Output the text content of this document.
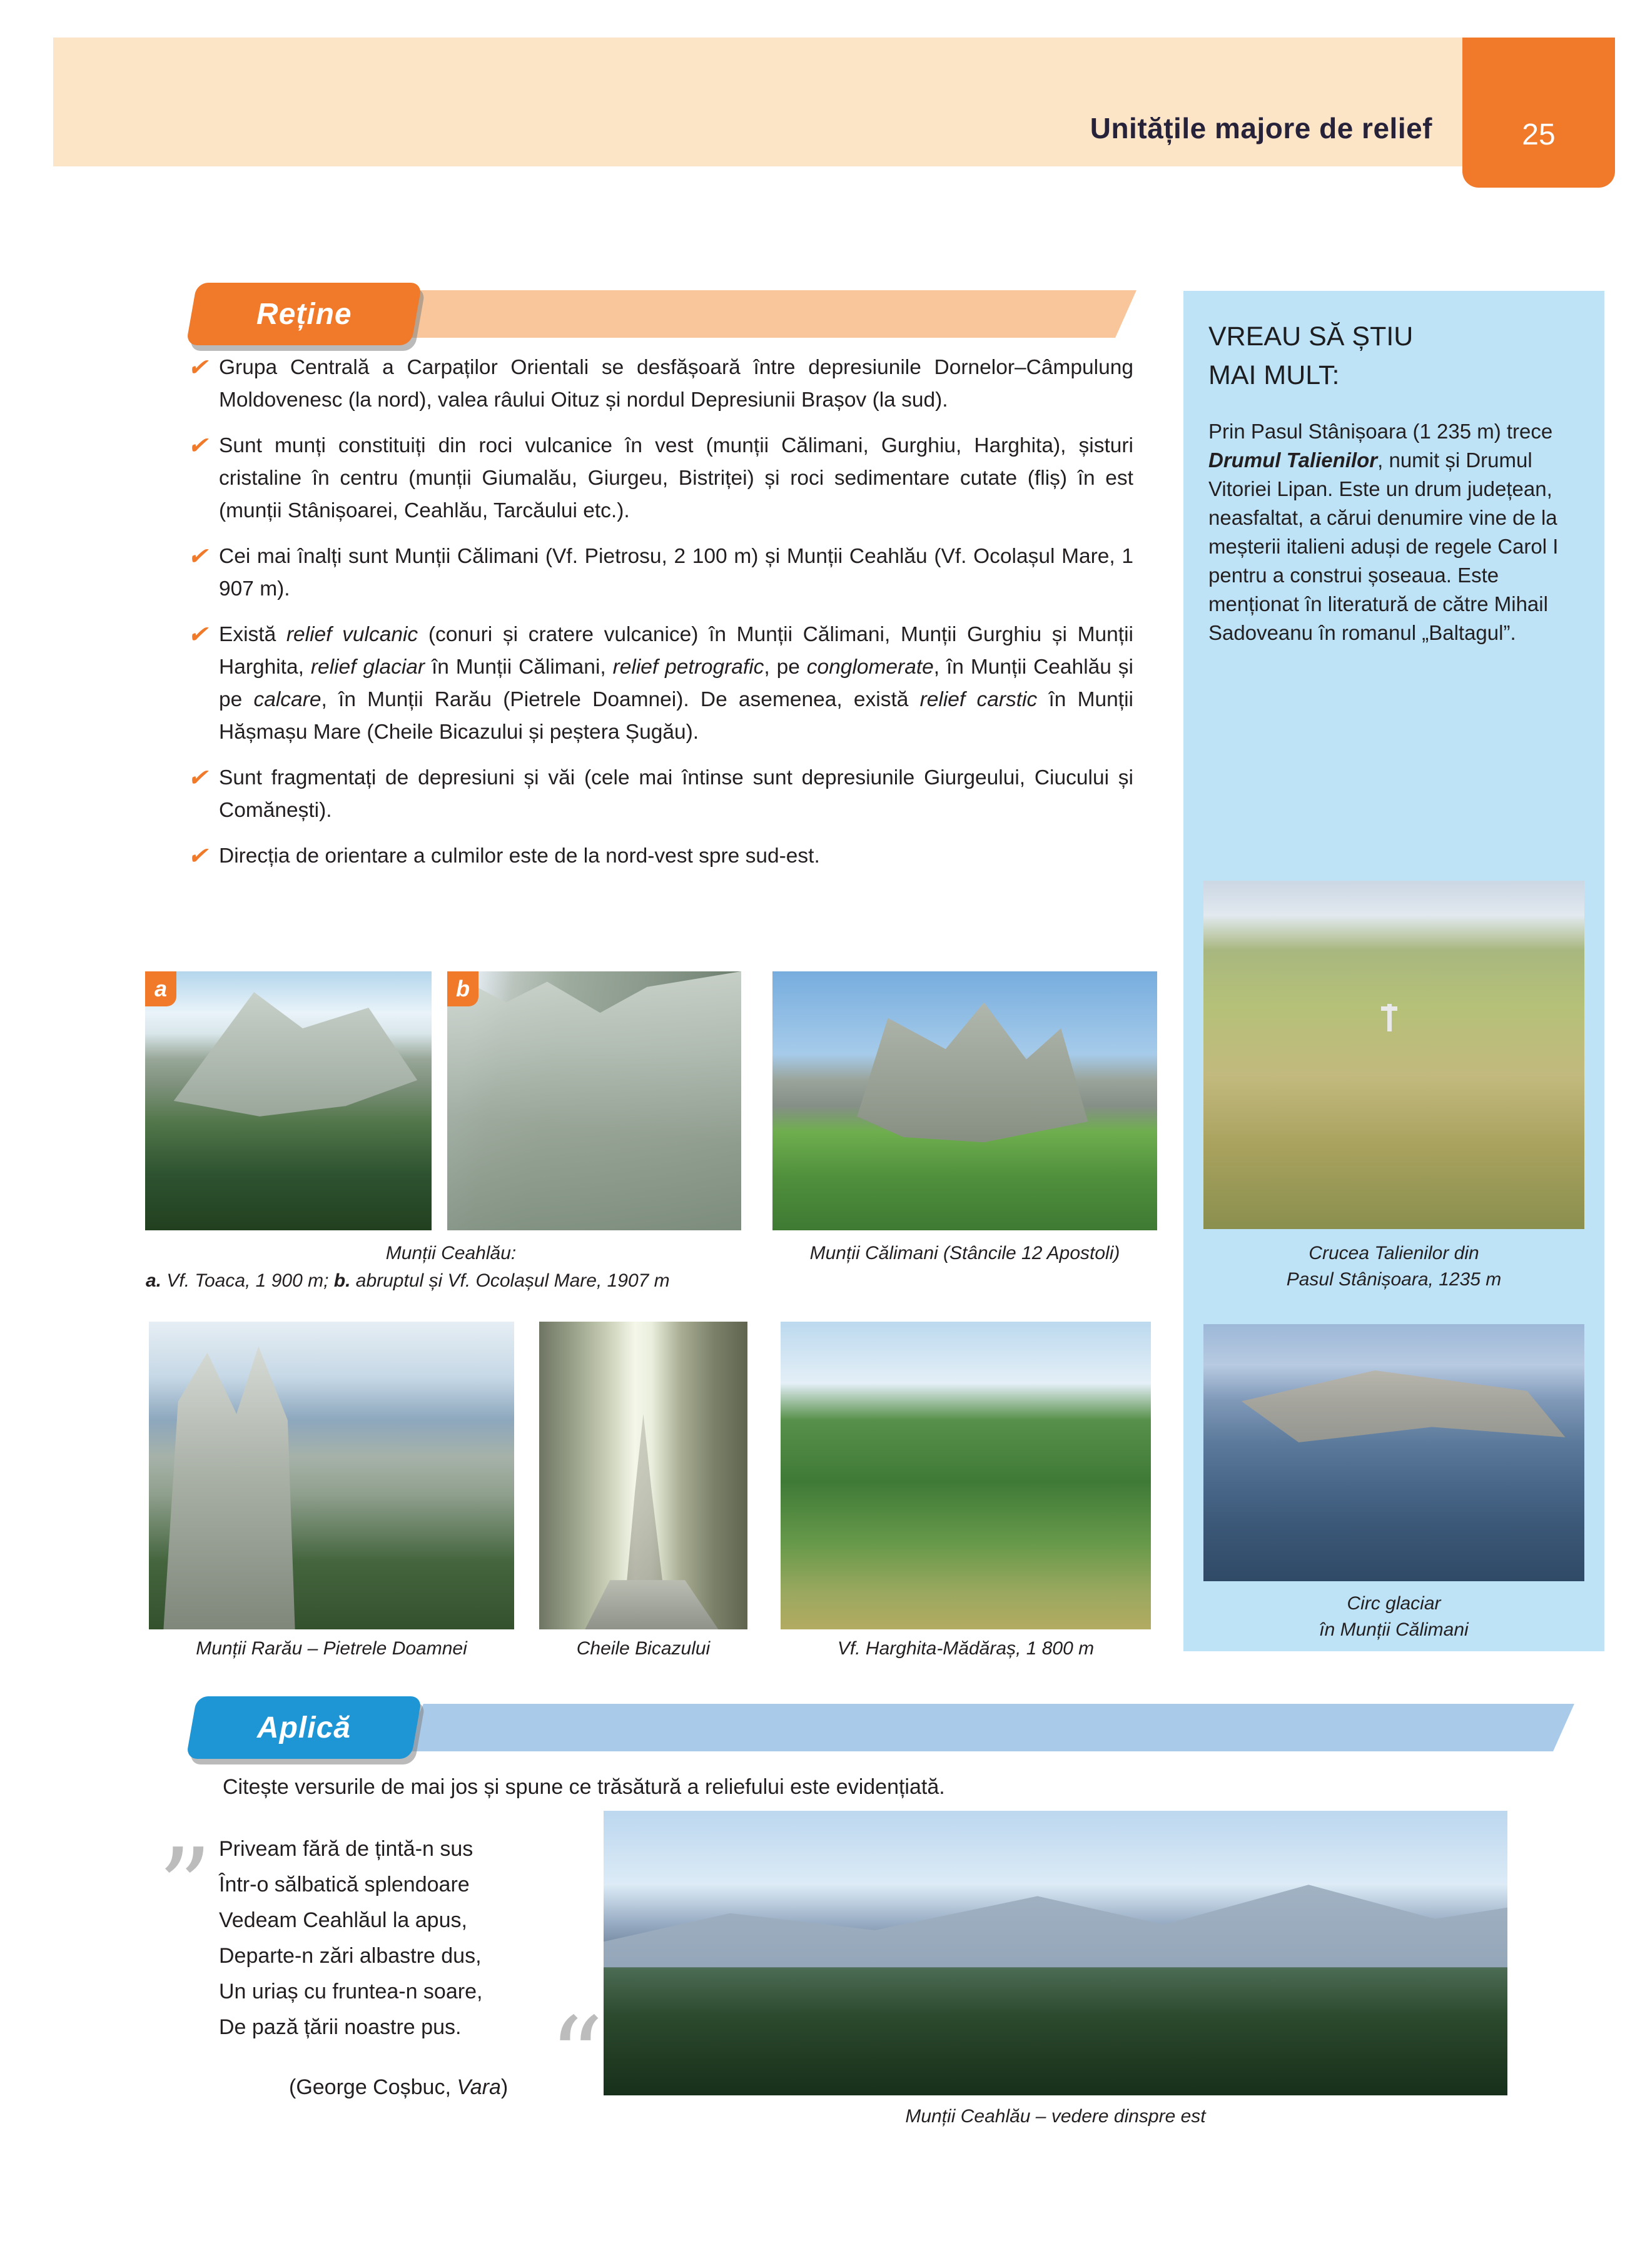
Unitățile majore de relief	25
Reține
✔ Grupa Centrală a Carpaților Orientali se desfășoară între depresiunile Dornelor–Câmpulung Moldovenesc (la nord), valea râului Oituz și nordul Depresiunii Brașov (la sud).
✔ Sunt munți constituiți din roci vulcanice în vest (munții Călimani, Gurghiu, Harghita), șisturi cristaline în centru (munții Giumalău, Giurgeu, Bistriței) și roci sedimentare cutate (fliș) în est (munții Stânișoarei, Ceahlău, Tarcăului etc.).
✔ Cei mai înalți sunt Munții Călimani (Vf. Pietrosu, 2 100 m) și Munții Ceahlău (Vf. Ocolașul Mare, 1 907 m).
✔ Există relief vulcanic (conuri și cratere vulcanice) în Munții Călimani, Munții Gurghiu și Munții Harghita, relief glaciar în Munții Călimani, relief petrografic, pe conglomerate, în Munții Ceahlău și pe calcare, în Munții Rarău (Pietrele Doamnei). De asemenea, există relief carstic în Munții Hășmașu Mare (Cheile Bicazului și peștera Șugău).
✔ Sunt fragmentați de depresiuni și văi (cele mai întinse sunt depresiunile Giurgeului, Ciucului și Comănești).
✔ Direcția de orientare a culmilor este de la nord-vest spre sud-est.
a	b
Munții Ceahlău:
a. Vf. Toaca, 1 900 m; b. abruptul și Vf. Ocolașul Mare, 1907 m
Munții Călimani (Stâncile 12 Apostoli)
Munții Rarău – Pietrele Doamnei	Cheile Bicazului	Vf. Harghita-Mădăraș, 1 800 m
VREAU SĂ ȘTIU
MAI MULT:
Prin Pasul Stânișoara (1 235 m) trece Drumul Talienilor, numit și Drumul Vitoriei Lipan. Este un drum județean, neasfaltat, a cărui denumire vine de la meșterii italieni aduși de regele Carol I pentru a construi șoseaua. Este menționat în literatură de către Mihail Sadoveanu în romanul „Baltagul”.
Crucea Talienilor din
Pasul Stânișoara, 1235 m
Circ glaciar
în Munții Călimani
Aplică
Citește versurile de mai jos și spune ce trăsătură a reliefului este evidențiată.
” Priveam fără de țintă-n sus
Într-o sălbatică splendoare
Vedeam Ceahlăul la apus,
Departe-n zări albastre dus,
Un uriaș cu fruntea-n soare,
De pază țării noastre pus. “
(George Coșbuc, Vara)
Munții Ceahlău – vedere dinspre est
